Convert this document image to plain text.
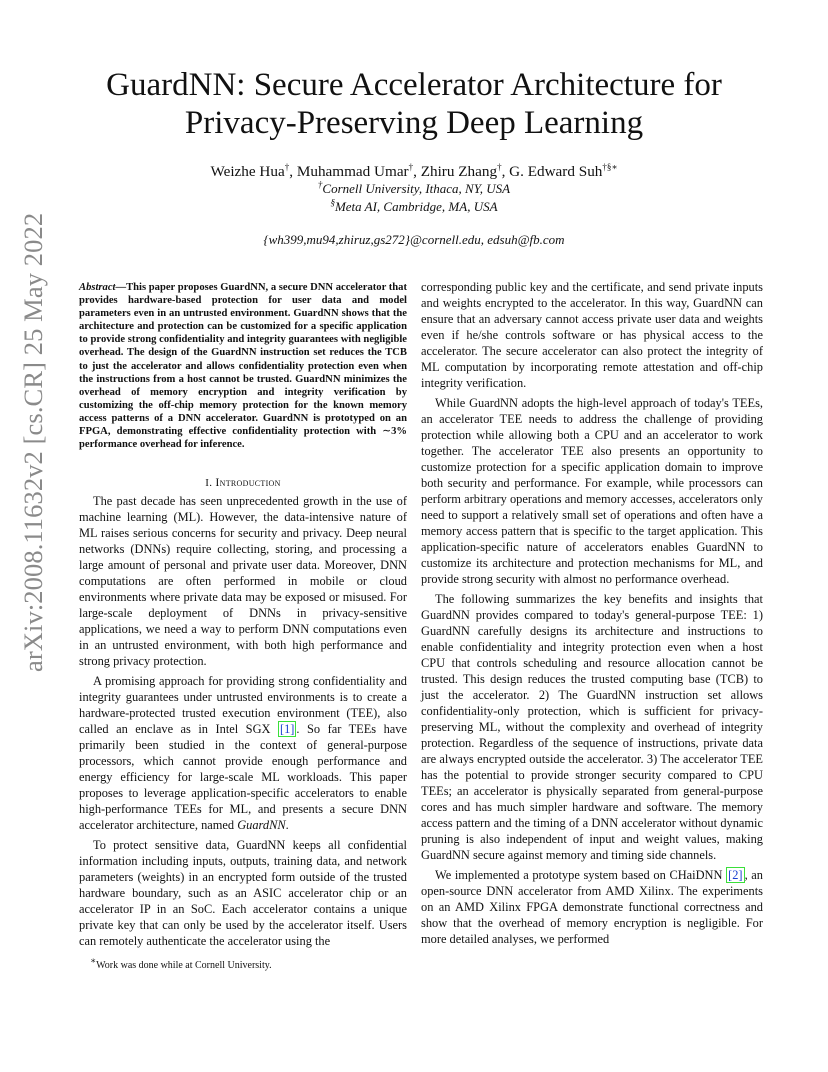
arXiv:2008.11632v2 [cs.CR] 25 May 2022
GuardNN: Secure Accelerator Architecture for
Privacy-Preserving Deep Learning
Weizhe Hua†, Muhammad Umar†, Zhiru Zhang†, G. Edward Suh†§∗
†Cornell University, Ithaca, NY, USA
§Meta AI, Cambridge, MA, USA
{wh399,mu94,zhiruz,gs272}@cornell.edu, edsuh@fb.com
Abstract—This paper proposes GuardNN, a secure DNN accelerator that provides hardware-based protection for user data and model parameters even in an untrusted environment. GuardNN shows that the architecture and protection can be customized for a specific application to provide strong confidentiality and integrity guarantees with negligible overhead. The design of the GuardNN instruction set reduces the TCB to just the accelerator and allows confidentiality protection even when the instructions from a host cannot be trusted. GuardNN minimizes the overhead of memory encryption and integrity verification by customizing the off-chip memory protection for the known memory access patterns of a DNN accelerator. GuardNN is prototyped on an FPGA, demonstrating effective confidentiality protection with ∼3% performance overhead for inference.
I. Introduction

The past decade has seen unprecedented growth in the use of machine learning (ML). However, the data-intensive nature of ML raises serious concerns for security and privacy. Deep neural networks (DNNs) require collecting, storing, and processing a large amount of personal and private user data. Moreover, DNN computations are often performed in mobile or cloud environments where private data may be exposed or misused. For large-scale deployment of DNNs in privacy-sensitive applications, we need a way to perform DNN computations even in an untrusted environment, with both high performance and strong privacy protection.

A promising approach for providing strong confidentiality and integrity guarantees under untrusted environments is to create a hardware-protected trusted execution environment (TEE), also called an enclave as in Intel SGX [1] . So far TEEs have primarily been studied in the context of general-purpose processors, which cannot provide enough performance and energy efficiency for large-scale ML workloads. This paper proposes to leverage application-specific accelerators to enable high-performance TEEs for ML, and presents a secure DNN accelerator architecture, named GuardNN.

To protect sensitive data, GuardNN keeps all confidential information including inputs, outputs, training data, and network parameters (weights) in an encrypted form outside of the trusted hardware boundary, such as an ASIC accelerator chip or an accelerator IP in an SoC. Each accelerator contains a unique private key that can only be used by the accelerator itself. Users can remotely authenticate the accelerator using the

∗Work was done while at Cornell University.

corresponding public key and the certificate, and send private inputs and weights encrypted to the accelerator. In this way, GuardNN can ensure that an adversary cannot access private user data and weights even if he/she controls software or has physical access to the accelerator. The secure accelerator can also protect the integrity of ML computation by incorporating remote attestation and off-chip integrity verification.

While GuardNN adopts the high-level approach of today's TEEs, an accelerator TEE needs to address the challenge of providing protection while allowing both a CPU and an accelerator to work together. The accelerator TEE also presents an opportunity to customize protection for a specific application domain to improve both security and performance. For example, while processors can perform arbitrary operations and memory accesses, accelerators only need to support a relatively small set of operations and often have a memory access pattern that is specific to the target application. This application-specific nature of accelerators enables GuardNN to customize its architecture and protection mechanisms for ML, and provide strong security with almost no performance overhead.

The following summarizes the key benefits and insights that GuardNN provides compared to today's general-purpose TEE: 1) GuardNN carefully designs its architecture and instructions to enable confidentiality and integrity protection even when a host CPU that controls scheduling and resource allocation cannot be trusted. This design reduces the trusted computing base (TCB) to just the accelerator. 2) The GuardNN instruction set allows confidentiality-only protection, which is sufficient for privacy-preserving ML, without the complexity and overhead of integrity protection. Regardless of the sequence of instructions, private data are always encrypted outside the accelerator. 3) The accelerator TEE has the potential to provide stronger security compared to CPU TEEs; an accelerator is physically separated from general-purpose cores and has much simpler hardware and software. The memory access pattern and the timing of a DNN accelerator without dynamic pruning is also independent of input and weight values, making GuardNN secure against memory and timing side channels.

We implemented a prototype system based on CHaiDNN [2] , an open-source DNN accelerator from AMD Xilinx. The experiments on an AMD Xilinx FPGA demonstrate functional correctness and show that the overhead of memory encryption is negligible. For more detailed analyses, we performed
